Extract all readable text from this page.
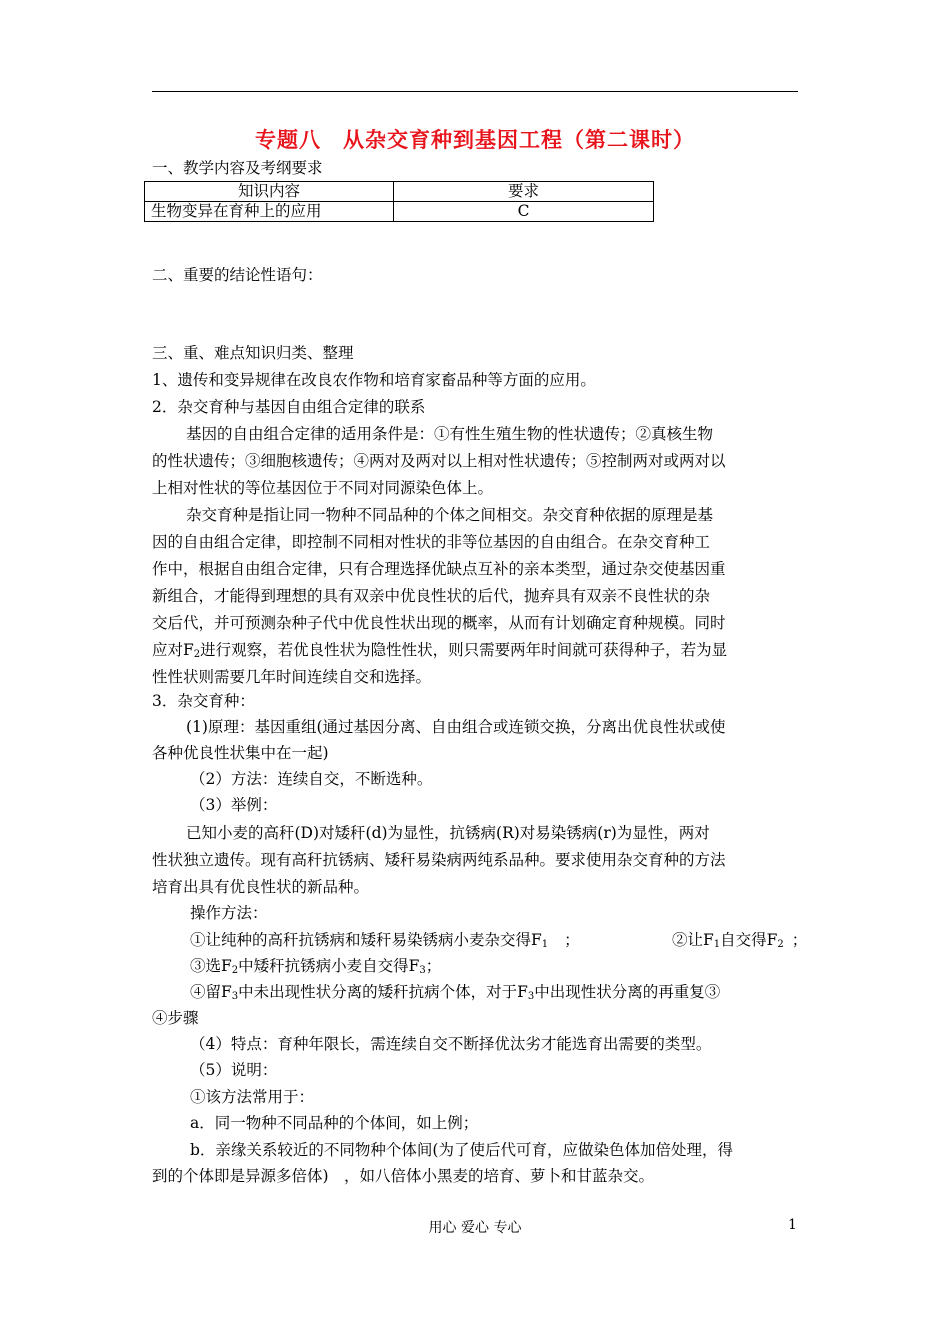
专题八　从杂交育种到基因工程（第二课时）
一、教学内容及考纲要求
知识内容	要求
生物变异在育种上的应用	C
二、重要的结论性语句：
三、重、难点知识归类、整理
1、遗传和变异规律在改良农作物和培育家畜品种等方面的应用。
2．杂交育种与基因自由组合定律的联系
基因的自由组合定律的适用条件是：①有性生殖生物的性状遗传；②真核生物
的性状遗传；③细胞核遗传；④两对及两对以上相对性状遗传；⑤控制两对或两对以
上相对性状的等位基因位于不同对同源染色体上。
杂交育种是指让同一物种不同品种的个体之间相交。杂交育种依据的原理是基
因的自由组合定律，即控制不同相对性状的非等位基因的自由组合。在杂交育种工
作中，根据自由组合定律，只有合理选择优缺点互补的亲本类型，通过杂交使基因重
新组合，才能得到理想的具有双亲中优良性状的后代，抛弃具有双亲不良性状的杂
交后代，并可预测杂种子代中优良性状出现的概率，从而有计划确定育种规模。同时
应对$F_2$进行观察，若优良性状为隐性性状，则只需要两年时间就可获得种子，若为显
性性状则需要几年时间连续自交和选择。
3．杂交育种：
(1)原理：基因重组(通过基因分离、自由组合或连锁交换，分离出优良性状或使
各种优良性状集中在一起)
（2）方法：连续自交，不断选种。
（3）举例：
已知小麦的高秆(D)对矮秆(d)为显性，抗锈病(R)对易染锈病(r)为显性，两对
性状独立遗传。现有高秆抗锈病、矮秆易染病两纯系品种。要求使用杂交育种的方法
培育出具有优良性状的新品种。
操作方法：
①让纯种的高秆抗锈病和矮秆易染锈病小麦杂交得$F_1$ ；	②让$F_1$自交得$F_2$ ；
③选$F_2$中矮秆抗锈病小麦自交得$F_3$；
④留$F_3$中未出现性状分离的矮秆抗病个体，对于$F_3$中出现性状分离的再重复③
④步骤
（4）特点：育种年限长，需连续自交不断择优汰劣才能选育出需要的类型。
（5）说明：
①该方法常用于：
a．同一物种不同品种的个体间，如上例；
b．亲缘关系较近的不同物种个体间(为了使后代可育，应做染色体加倍处理，得
到的个体即是异源多倍体)　，如八倍体小黑麦的培育、萝卜和甘蓝杂交。
用心 爱心 专心	1
